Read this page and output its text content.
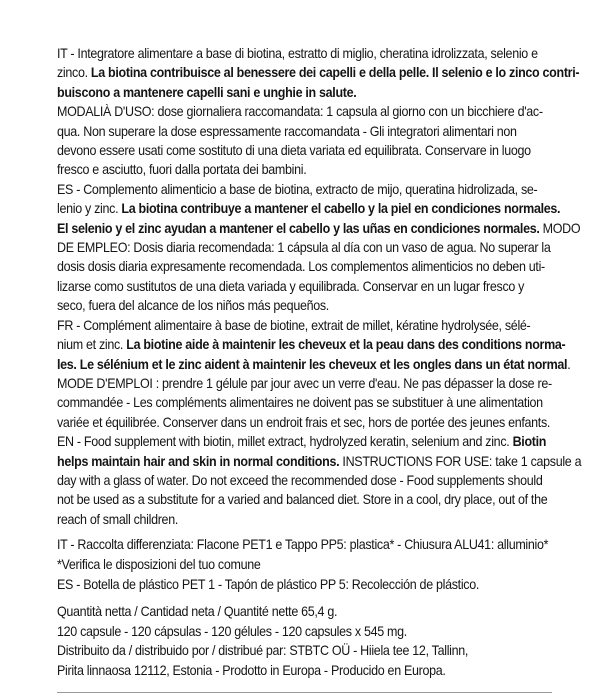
IT - Integratore alimentare a base di biotina, estratto di miglio, cheratina idrolizzata, selenio e
zinco. La biotina contribuisce al benessere dei capelli e della pelle. Il selenio e lo zinco contri-
buiscono a mantenere capelli sani e unghie in salute.
MODALIÀ D'USO: dose giornaliera raccomandata: 1 capsula al giorno con un bicchiere d'ac-
qua. Non superare la dose espressamente raccomandata - Gli integratori alimentari non
devono essere usati come sostituto di una dieta variata ed equilibrata. Conservare in luogo
fresco e asciutto, fuori dalla portata dei bambini.
ES - Complemento alimenticio a base de biotina, extracto de mijo, queratina hidrolizada, se-
lenio y zinc. La biotina contribuye a mantener el cabello y la piel en condiciones normales.
El selenio y el zinc ayudan a mantener el cabello y las uñas en condiciones normales. MODO
DE EMPLEO: Dosis diaria recomendada: 1 cápsula al día con un vaso de agua. No superar la
dosis dosis diaria expresamente recomendada. Los complementos alimenticios no deben uti-
lizarse como sustitutos de una dieta variada y equilibrada. Conservar en un lugar fresco y
seco, fuera del alcance de los niños más pequeños.
FR - Complément alimentaire à base de biotine, extrait de millet, kératine hydrolysée, sélé-
nium et zinc. La biotine aide à maintenir les cheveux et la peau dans des conditions norma-
les. Le sélénium et le zinc aident à maintenir les cheveux et les ongles dans un état normal.
MODE D'EMPLOI : prendre 1 gélule par jour avec un verre d'eau. Ne pas dépasser la dose re-
commandée - Les compléments alimentaires ne doivent pas se substituer à une alimentation
variée et équilibrée. Conserver dans un endroit frais et sec, hors de portée des jeunes enfants.
EN - Food supplement with biotin, millet extract, hydrolyzed keratin, selenium and zinc. Biotin
helps maintain hair and skin in normal conditions. INSTRUCTIONS FOR USE: take 1 capsule a
day with a glass of water. Do not exceed the recommended dose - Food supplements should
not be used as a substitute for a varied and balanced diet. Store in a cool, dry place, out of the
reach of small children.
IT - Raccolta differenziata: Flacone PET1 e Tappo PP5: plastica* - Chiusura ALU41: alluminio*
*Verifica le disposizioni del tuo comune
ES - Botella de plástico PET 1 - Tapón de plástico PP 5: Recolección de plástico.
Quantità netta / Cantidad neta / Quantité nette 65,4 g.
120 capsule - 120 cápsulas - 120 gélules - 120 capsules x 545 mg.
Distribuito da / distribuido por / distribué par: STBTC OÜ - Hiiela tee 12, Tallinn,
Pirita linnaosa 12112, Estonia - Prodotto in Europa - Producido en Europa.
